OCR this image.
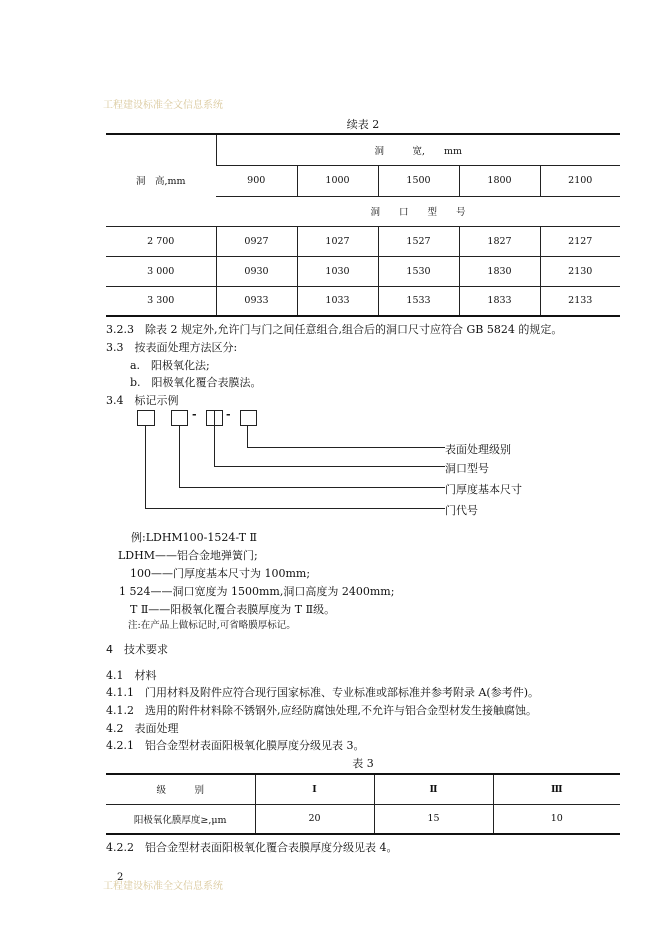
工程建设标准全文信息系统
续表 2
洞　高,mm	洞　　　宽,　　mm				
	900	1000	1500	1800	2100
	洞　　口　　型　　号				
2 700	0927	1027	1527	1827	2127
3 000	0930	1030	1530	1830	2130
3 300	0933	1033	1533	1833	2133
3.2.3　除表 2 规定外,允许门与门之间任意组合,组合后的洞口尺寸应符合 GB 5824 的规定。
3.3　按表面处理方法区分:
a.　阳极氧化法;
b.　阳极氧化覆合表膜法。
3.4　标记示例
-	-
表面处理级别
洞口型号
门厚度基本尺寸
门代号
例:LDHM100-1524-T Ⅱ
LDHM——铝合金地弹簧门;
100——门厚度基本尺寸为 100mm;
1 524——洞口宽度为 1500mm,洞口高度为 2400mm;
T Ⅱ——阳极氧化覆合表膜厚度为 T Ⅱ级。
注:在产品上做标记时,可省略膜厚标记。
4　技术要求
4.1　材料
4.1.1　门用材料及附件应符合现行国家标准、专业标准或部标准并参考附录 A(参考件)。
4.1.2　选用的附件材料除不锈钢外,应经防腐蚀处理,不允许与铝合金型材发生接触腐蚀。
4.2　表面处理
4.2.1　铝合金型材表面阳极氧化膜厚度分级见表 3。
表 3
级　　　别	Ⅰ	Ⅱ	Ⅲ
阳极氧化膜厚度≥,μm	20	15	10
4.2.2　铝合金型材表面阳极氧化覆合表膜厚度分级见表 4。
工程建设标准全文信息系统
2
